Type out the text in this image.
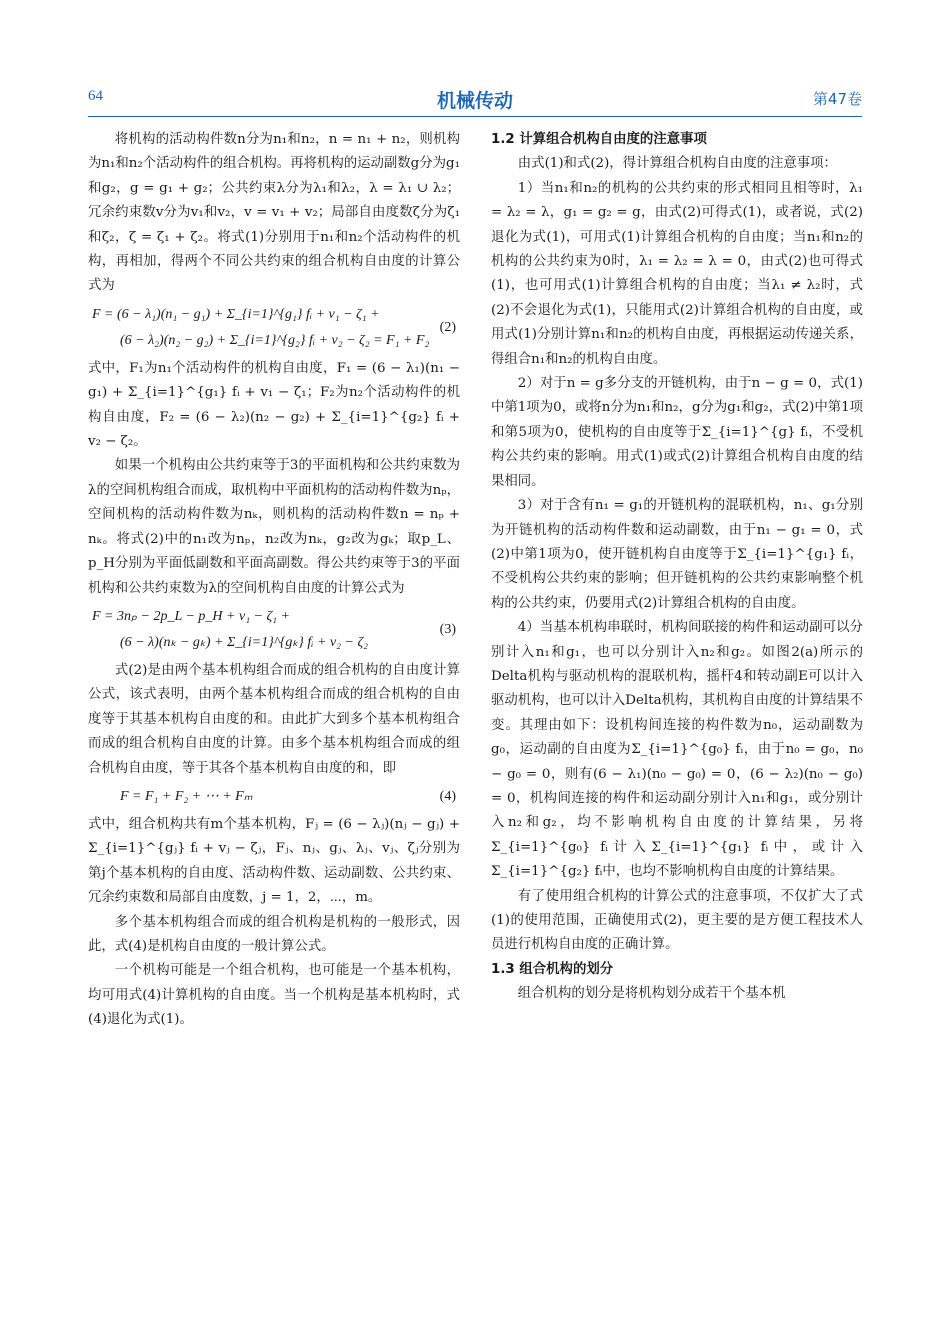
64	机械传动	第47卷

将机构的活动构件数n分为n₁和n₂，n = n₁ + n₂，则机构为n₁和n₂个活动构件的组合机构。再将机构的运动副数g分为g₁和g₂，g = g₁ + g₂；公共约束λ分为λ₁和λ₂，λ = λ₁ ∪ λ₂；冗余约束数v分为v₁和v₂，v = v₁ + v₂；局部自由度数ζ分为ζ₁和ζ₂，ζ = ζ₁ + ζ₂。将式(1)分别用于n₁和n₂个活动构件的机构，再相加，得两个不同公共约束的组合机构自由度的计算公式为

F = (6 − λ₁)(n₁ − g₁) + Σ_{i=1}^{g₁} fᵢ + v₁ − ζ₁ +
(6 − λ₂)(n₂ − g₂) + Σ_{i=1}^{g₂} fᵢ + v₂ − ζ₂ = F₁ + F₂
(2)

式中，F₁为n₁个活动构件的机构自由度，F₁ = (6 − λ₁)(n₁ − g₁) + Σ_{i=1}^{g₁} fᵢ + v₁ − ζ₁；F₂为n₂个活动构件的机构自由度，F₂ = (6 − λ₂)(n₂ − g₂) + Σ_{i=1}^{g₂} fᵢ + v₂ − ζ₂。

如果一个机构由公共约束等于3的平面机构和公共约束数为λ的空间机构组合而成，取机构中平面机构的活动构件数为nₚ，空间机构的活动构件数为nₖ，则机构的活动构件数n = nₚ + nₖ。将式(2)中的n₁改为nₚ，n₂改为nₖ，g₂改为gₖ；取p_L、p_H分别为平面低副数和平面高副数。得公共约束等于3的平面机构和公共约束数为λ的空间机构自由度的计算公式为

F = 3nₚ − 2p_L − p_H + v₁ − ζ₁ +
(6 − λ)(nₖ − gₖ) + Σ_{i=1}^{gₖ} fᵢ + v₂ − ζ₂
(3)

式(2)是由两个基本机构组合而成的组合机构的自由度计算公式，该式表明，由两个基本机构组合而成的组合机构的自由度等于其基本机构自由度的和。由此扩大到多个基本机构组合而成的组合机构自由度的计算。由多个基本机构组合而成的组合机构自由度，等于其各个基本机构自由度的和，即

F = F₁ + F₂ + ⋯ + Fₘ	(4)

式中，组合机构共有m个基本机构，Fⱼ = (6 − λⱼ)(nⱼ − gⱼ) + Σ_{i=1}^{gⱼ} fᵢ + vⱼ − ζⱼ，Fⱼ、nⱼ、gⱼ、λⱼ、vⱼ、ζⱼ分别为第j个基本机构的自由度、活动构件数、运动副数、公共约束、冗余约束数和局部自由度数，j = 1，2，⋯，m。

多个基本机构组合而成的组合机构是机构的一般形式，因此，式(4)是机构自由度的一般计算公式。

一个机构可能是一个组合机构，也可能是一个基本机构，均可用式(4)计算机构的自由度。当一个机构是基本机构时，式(4)退化为式(1)。

1.2 计算组合机构自由度的注意事项

由式(1)和式(2)，得计算组合机构自由度的注意事项：

1）当n₁和n₂的机构的公共约束的形式相同且相等时，λ₁ = λ₂ = λ，g₁ = g₂ = g，由式(2)可得式(1)，或者说，式(2)退化为式(1)，可用式(1)计算组合机构的自由度；当n₁和n₂的机构的公共约束为0时，λ₁ = λ₂ = λ = 0，由式(2)也可得式(1)，也可用式(1)计算组合机构的自由度；当λ₁ ≠ λ₂时，式(2)不会退化为式(1)，只能用式(2)计算组合机构的自由度，或用式(1)分别计算n₁和n₂的机构自由度，再根据运动传递关系，得组合n₁和n₂的机构自由度。

2）对于n = g多分支的开链机构，由于n − g = 0，式(1)中第1项为0，或将n分为n₁和n₂，g分为g₁和g₂，式(2)中第1项和第5项为0，使机构的自由度等于Σ_{i=1}^{g} fᵢ，不受机构公共约束的影响。用式(1)或式(2)计算组合机构自由度的结果相同。

3）对于含有n₁ = g₁的开链机构的混联机构，n₁、g₁分别为开链机构的活动构件数和运动副数，由于n₁ − g₁ = 0，式(2)中第1项为0，使开链机构自由度等于Σ_{i=1}^{g₁} fᵢ，不受机构公共约束的影响；但开链机构的公共约束影响整个机构的公共约束，仍要用式(2)计算组合机构的自由度。

4）当基本机构串联时，机构间联接的构件和运动副可以分别计入n₁和g₁，也可以分别计入n₂和g₂。如图2(a)所示的Delta机构与驱动机构的混联机构，摇杆4和转动副E可以计入驱动机构，也可以计入Delta机构，其机构自由度的计算结果不变。其理由如下：设机构间连接的构件数为n₀，运动副数为g₀，运动副的自由度为Σ_{i=1}^{g₀} fᵢ，由于n₀ = g₀，n₀ − g₀ = 0，则有(6 − λ₁)(n₀ − g₀) = 0，(6 − λ₂)(n₀ − g₀) = 0，机构间连接的构件和运动副分别计入n₁和g₁，或分别计入n₂和g₂，均不影响机构自由度的计算结果，另将Σ_{i=1}^{g₀} fᵢ计入Σ_{i=1}^{g₁} fᵢ中，或计入Σ_{i=1}^{g₂} fᵢ中，也均不影响机构自由度的计算结果。

有了使用组合机构的计算公式的注意事项，不仅扩大了式(1)的使用范围，正确使用式(2)，更主要的是方便工程技术人员进行机构自由度的正确计算。

1.3 组合机构的划分

组合机构的划分是将机构划分成若干个基本机
